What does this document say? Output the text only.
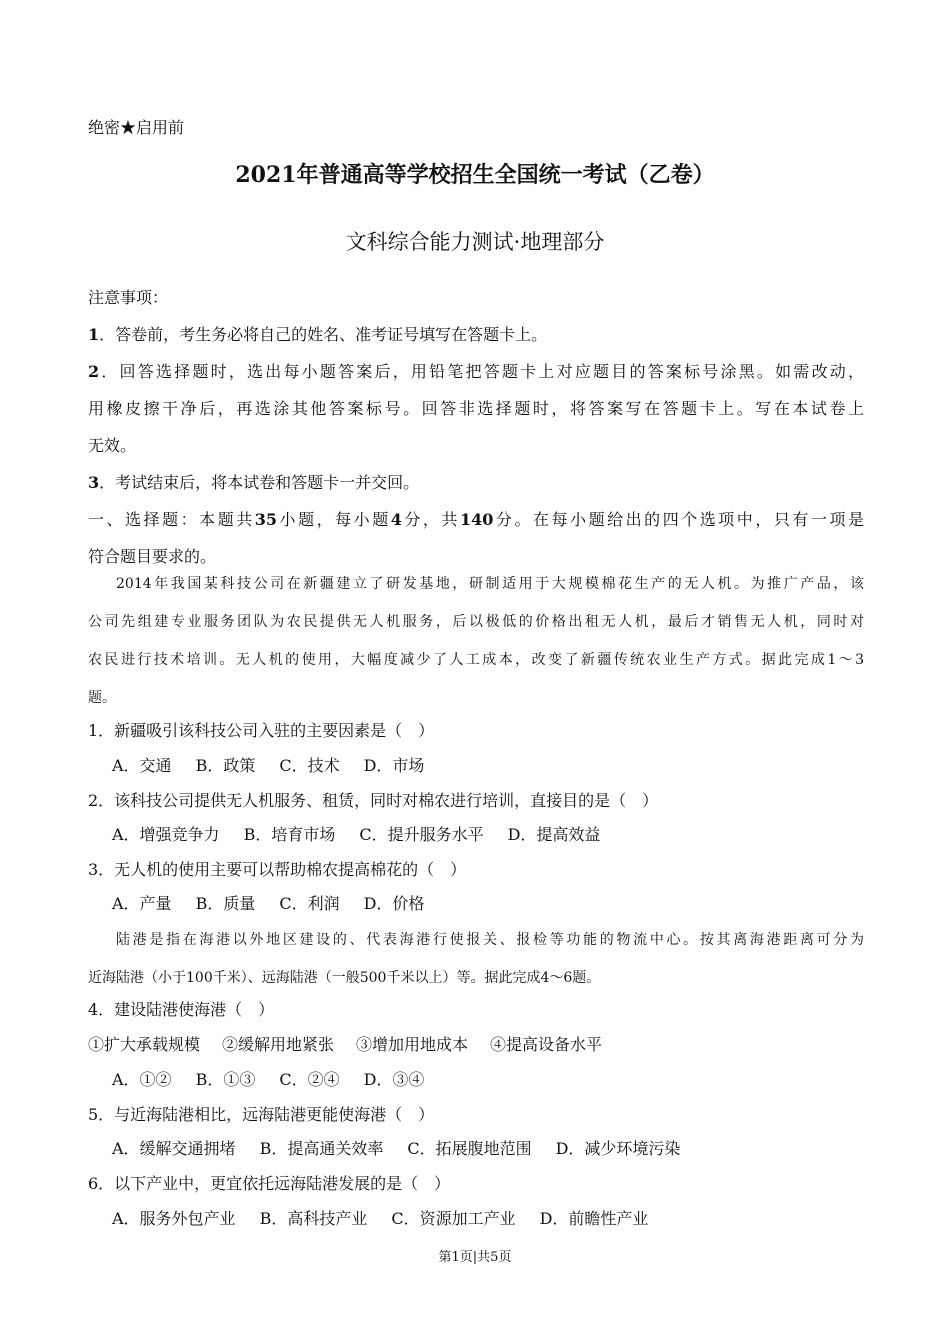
绝密★启用前
2021年普通高等学校招生全国统一考试（乙卷）
文科综合能力测试·地理部分

注意事项：

1．答卷前，考生务必将自己的姓名、准考证号填写在答题卡上。

2．回答选择题时，选出每小题答案后，用铅笔把答题卡上对应题目的答案标号涂黑。如需改动，

用橡皮擦干净后，再选涂其他答案标号。回答非选择题时，将答案写在答题卡上。写在本试卷上

无效。

3．考试结束后，将本试卷和答题卡一并交回。

一、选择题：本题共35小题，每小题4分，共140分。在每小题给出的四个选项中，只有一项是

符合题目要求的。

2014年我国某科技公司在新疆建立了研发基地，研制适用于大规模棉花生产的无人机。为推广产品，该

公司先组建专业服务团队为农民提供无人机服务，后以极低的价格出租无人机，最后才销售无人机，同时对

农民进行技术培训。无人机的使用，大幅度减少了人工成本，改变了新疆传统农业生产方式。据此完成1～3

题。

1．新疆吸引该科技公司入驻的主要因素是（　）
A．交通 B．政策 C．技术 D．市场
2．该科技公司提供无人机服务、租赁，同时对棉农进行培训，直接目的是（　）
A．增强竞争力 B．培育市场 C．提升服务水平 D．提高效益
3．无人机的使用主要可以帮助棉农提高棉花的（　）
A．产量 B．质量 C．利润 D．价格

陆港是指在海港以外地区建设的、代表海港行使报关、报检等功能的物流中心。按其离海港距离可分为

近海陆港（小于100千米）、远海陆港（一般500千米以上）等。据此完成4～6题。

4．建设陆港使海港（　）
①扩大承载规模 ②缓解用地紧张 ③增加用地成本 ④提高设备水平
A．①② B．①③ C．②④ D．③④
5．与近海陆港相比，远海陆港更能使海港（　）
A．缓解交通拥堵 B．提高通关效率 C．拓展腹地范围 D．减少环境污染
6．以下产业中，更宜依托远海陆港发展的是（　）
A．服务外包产业 B．高科技产业 C．资源加工产业 D．前瞻性产业
第1页|共5页
